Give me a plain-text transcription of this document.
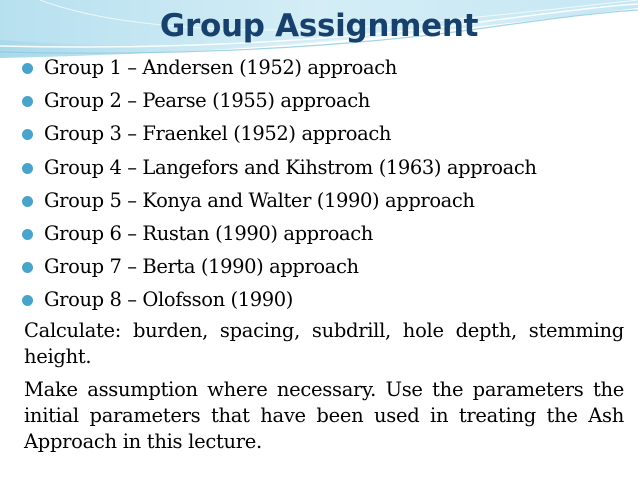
Group Assignment
Group 1 – Andersen (1952) approach
Group 2 – Pearse (1955) approach
Group 3 – Fraenkel (1952) approach
Group 4 – Langefors and Kihstrom (1963) approach
Group 5 – Konya and Walter (1990) approach
Group 6 – Rustan (1990) approach
Group 7 – Berta (1990) approach
Group 8 – Olofsson (1990)

Calculate: burden, spacing, subdrill, hole depth, stemming height.

Make assumption where necessary. Use the parameters the initial parameters that have been used in treating the Ash Approach in this lecture.
